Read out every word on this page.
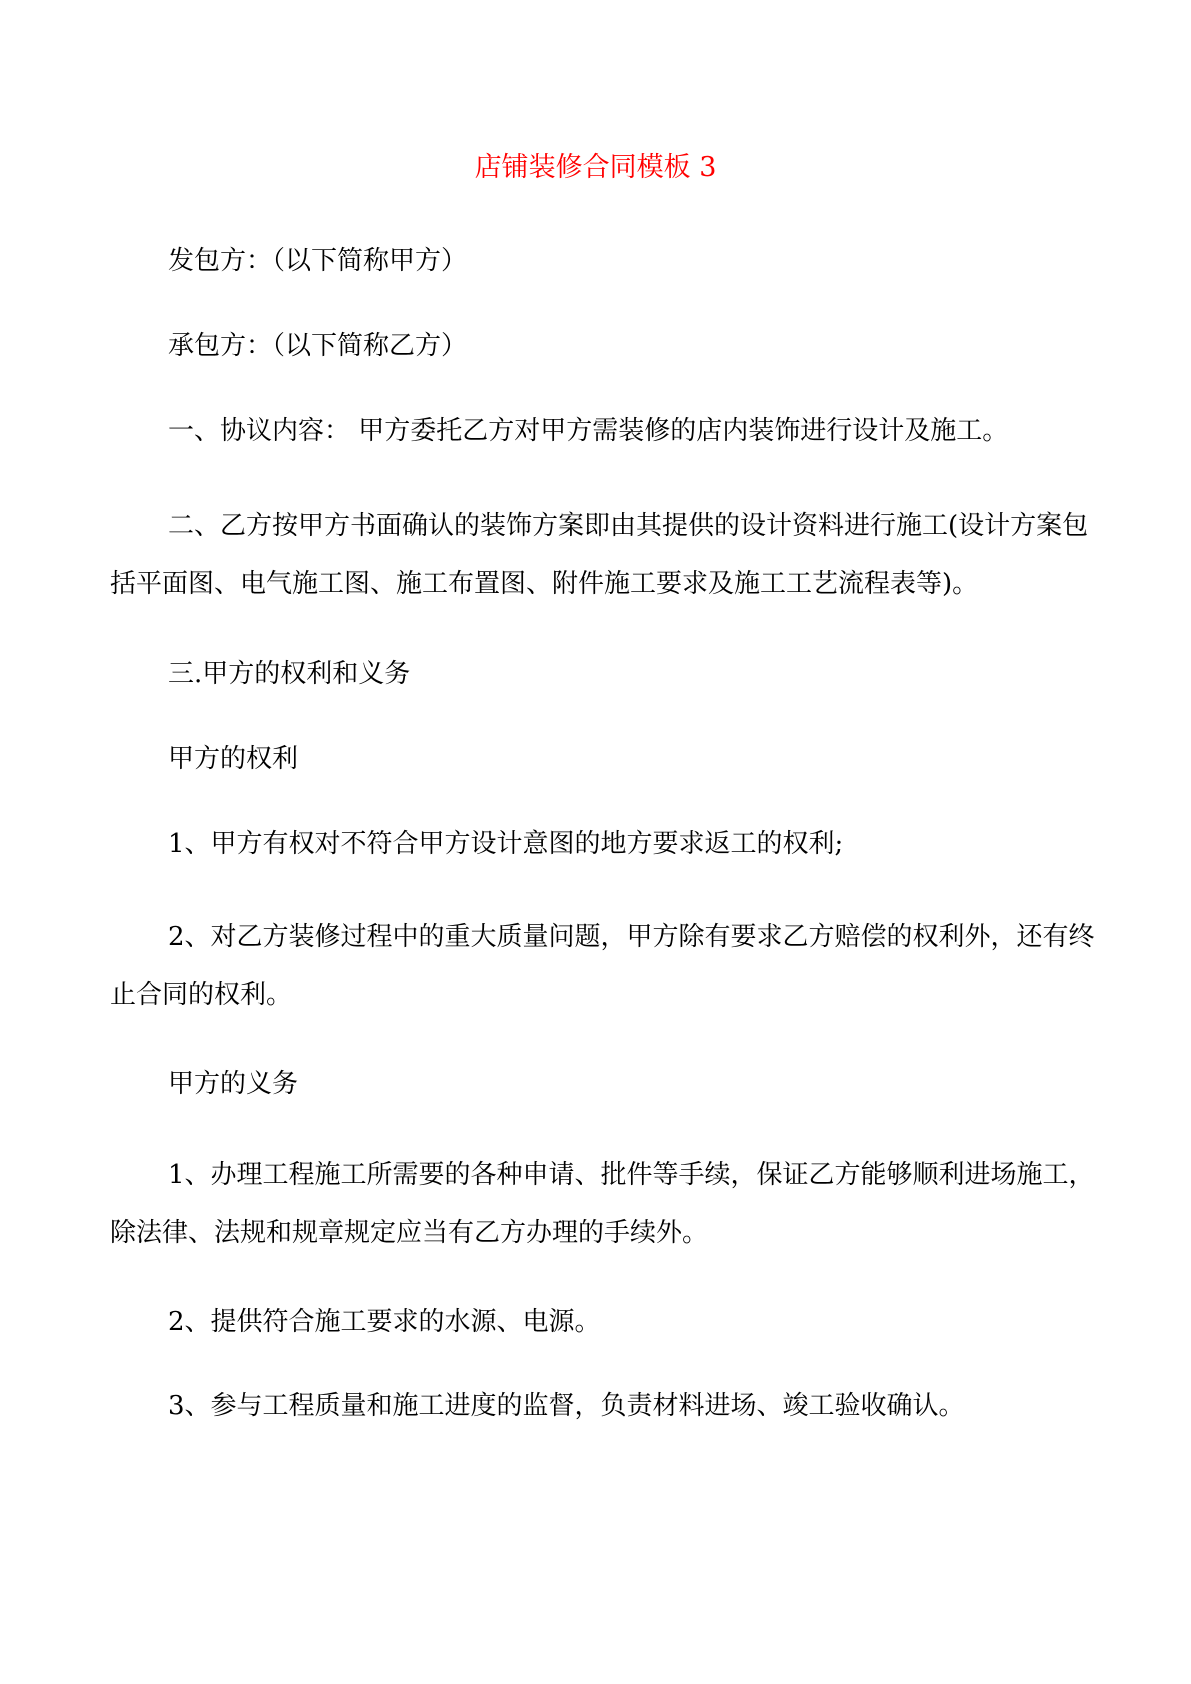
店铺装修合同模板 3

发包方：（以下简称甲方）

承包方：（以下简称乙方）

一、协议内容： 甲方委托乙方对甲方需装修的店内装饰进行设计及施工。

二、乙方按甲方书面确认的装饰方案即由其提供的设计资料进行施工(设计方案包括平面图、电气施工图、施工布置图、附件施工要求及施工工艺流程表等)。

三.甲方的权利和义务

甲方的权利

1、甲方有权对不符合甲方设计意图的地方要求返工的权利;

2、对乙方装修过程中的重大质量问题，甲方除有要求乙方赔偿的权利外，还有终止合同的权利。

甲方的义务

1、办理工程施工所需要的各种申请、批件等手续，保证乙方能够顺利进场施工，除法律、法规和规章规定应当有乙方办理的手续外。

2、提供符合施工要求的水源、电源。

3、参与工程质量和施工进度的监督，负责材料进场、竣工验收确认。
